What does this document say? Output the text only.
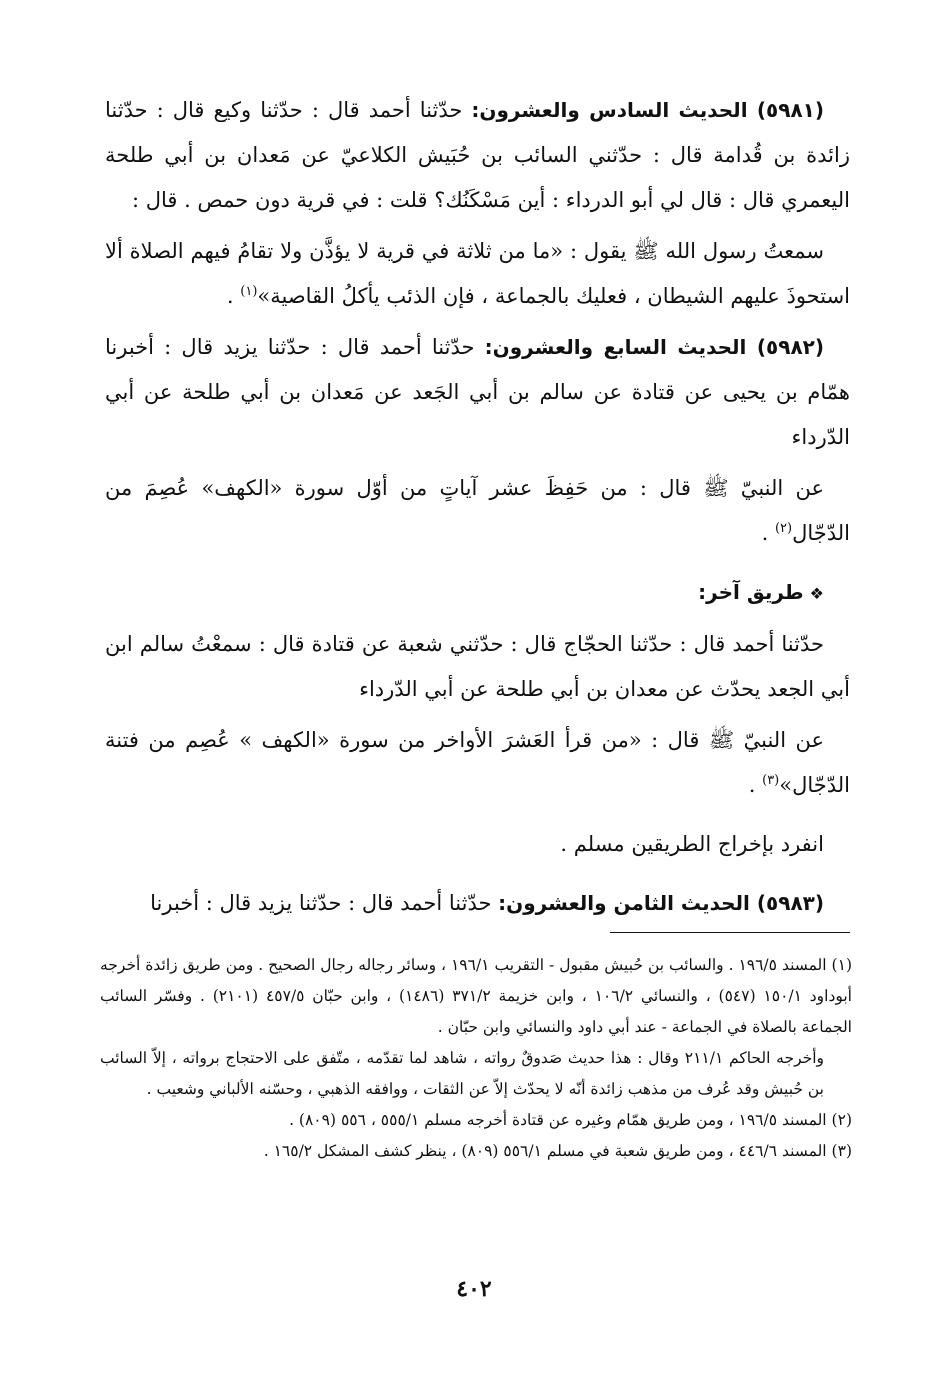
(٥٩٨١) الحديث السادس والعشرون: حدّثنا أحمد قال : حدّثنا وكيع قال : حدّثنا زائدة بن قُدامة قال : حدّثني السائب بن حُبَيش الكلاعيّ عن مَعدان بن أبي طلحة اليعمري قال : قال لي أبو الدرداء : أين مَسْكَنُك؟ قلت : في قرية دون حمص . قال :

سمعتُ رسول الله ﷺ يقول : «ما من ثلاثة في قرية لا يؤذَّن ولا تقامُ فيهم الصلاة ألا استحوذَ عليهم الشيطان ، فعليك بالجماعة ، فإن الذئب يأكلُ القاصية»$^{(١)}$ .

(٥٩٨٢) الحديث السابع والعشرون: حدّثنا أحمد قال : حدّثنا يزيد قال : أخبرنا همّام بن يحيى عن قتادة عن سالم بن أبي الجَعد عن مَعدان بن أبي طلحة عن أبي الدّرداء

عن النبيّ ﷺ قال : من حَفِظَ عشر آياتٍ من أوّل سورة «الكهف» عُصِمَ من الدّجّال$^{(٢)}$ .

❖طريق آخر:

حدّثنا أحمد قال : حدّثنا الحجّاج قال : حدّثني شعبة عن قتادة قال : سمعْتُ سالم ابن أبي الجعد يحدّث عن معدان بن أبي طلحة عن أبي الدّرداء

عن النبيّ ﷺ قال : «من قرأ العَشرَ الأواخر من سورة «الكهف » عُصِم من فتنة الدّجّال»$^{(٣)}$ .

انفرد بإخراج الطريقين مسلم .

(٥٩٨٣) الحديث الثامن والعشرون: حدّثنا أحمد قال : حدّثنا يزيد قال : أخبرنا

(١) المسند ١٩٦/٥ . والسائب بن حُبيش مقبول - التقريب ١٩٦/١ ، وسائر رجاله رجال الصحيح . ومن طريق زائدة أخرجه أبوداود ١٥٠/١ (٥٤٧) ، والنسائي ١٠٦/٢ ، وابن خزيمة ٣٧١/٢ (١٤٨٦) ، وابن حبّان ٤٥٧/٥ (٢١٠١) . وفسّر السائب الجماعة بالصلاة في الجماعة - عند أبي داود والنسائي وابن حبّان .

وأخرجه الحاكم ٢١١/١ وقال : هذا حديث صَدوقٌ رواته ، شاهد لما تقدّمه ، متّفق على الاحتجاج برواته ، إلاّ السائب بن حُبيش وقد عُرف من مذهب زائدة أنّه لا يحدّث إلاّ عن الثقات ، ووافقه الذهبي ، وحسّنه الألباني وشعيب .

(٢) المسند ١٩٦/٥ ، ومن طريق همّام وغيره عن قتادة أخرجه مسلم ٥٥٥/١ ، ٥٥٦ (٨٠٩) .

(٣) المسند ٤٤٦/٦ ، ومن طريق شعبة في مسلم ٥٥٦/١ (٨٠٩) ، ينظر كشف المشكل ١٦٥/٢ .

٤٠٢
